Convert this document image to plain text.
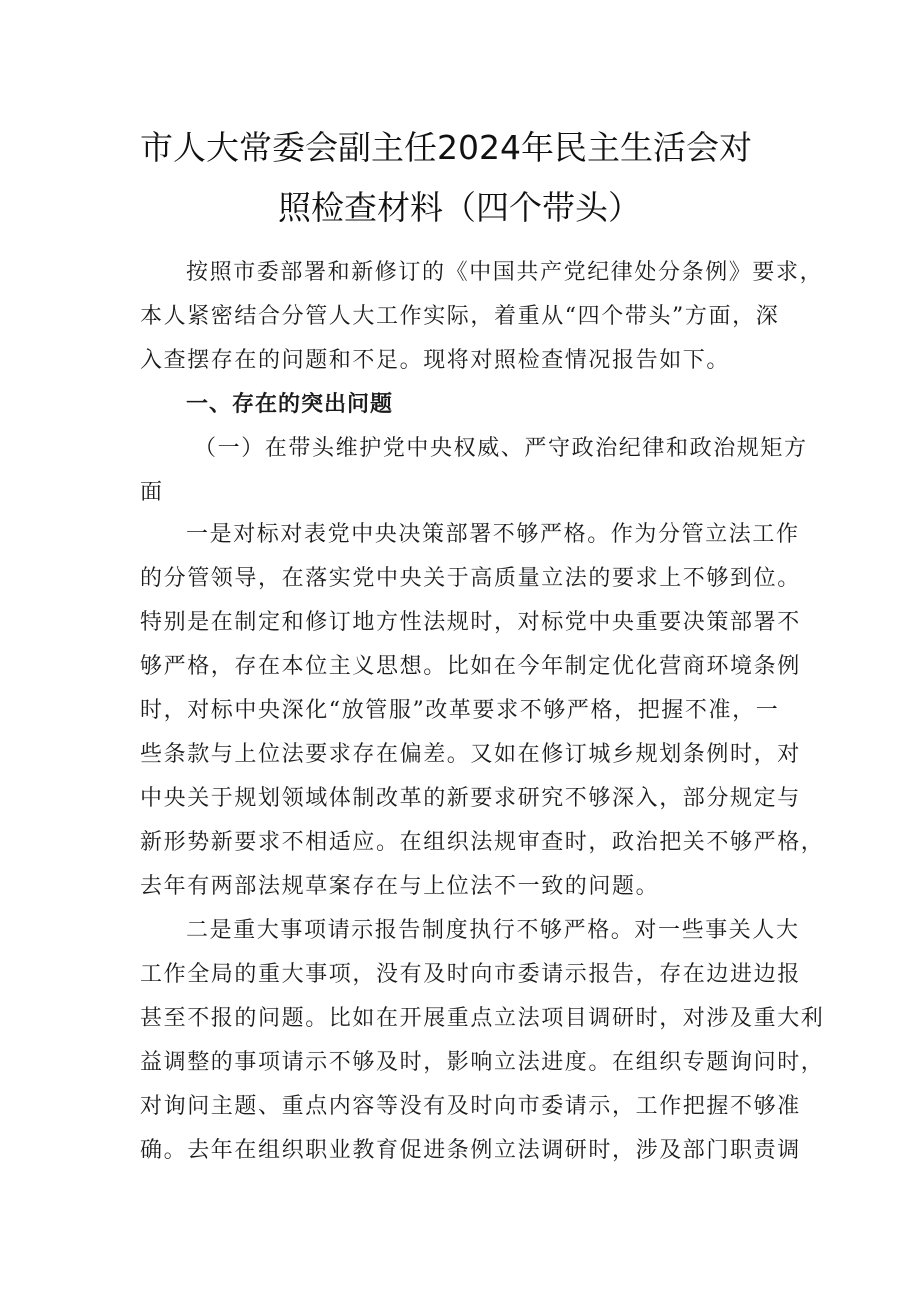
市人大常委会副主任2024年民主生活会对
照检查材料（四个带头）
按照市委部署和新修订的《中国共产党纪律处分条例》要求，
本人紧密结合分管人大工作实际，着重从“四个带头”方面，深
入查摆存在的问题和不足。现将对照检查情况报告如下。
一、存在的突出问题
（一）在带头维护党中央权威、严守政治纪律和政治规矩方
面
一是对标对表党中央决策部署不够严格。作为分管立法工作
的分管领导，在落实党中央关于高质量立法的要求上不够到位。
特别是在制定和修订地方性法规时，对标党中央重要决策部署不
够严格，存在本位主义思想。比如在今年制定优化营商环境条例
时，对标中央深化“放管服”改革要求不够严格，把握不准，一
些条款与上位法要求存在偏差。又如在修订城乡规划条例时，对
中央关于规划领域体制改革的新要求研究不够深入，部分规定与
新形势新要求不相适应。在组织法规审查时，政治把关不够严格，
去年有两部法规草案存在与上位法不一致的问题。
二是重大事项请示报告制度执行不够严格。对一些事关人大
工作全局的重大事项，没有及时向市委请示报告，存在边进边报
甚至不报的问题。比如在开展重点立法项目调研时，对涉及重大利
益调整的事项请示不够及时，影响立法进度。在组织专题询问时，
对询问主题、重点内容等没有及时向市委请示，工作把握不够准
确。去年在组织职业教育促进条例立法调研时，涉及部门职责调
